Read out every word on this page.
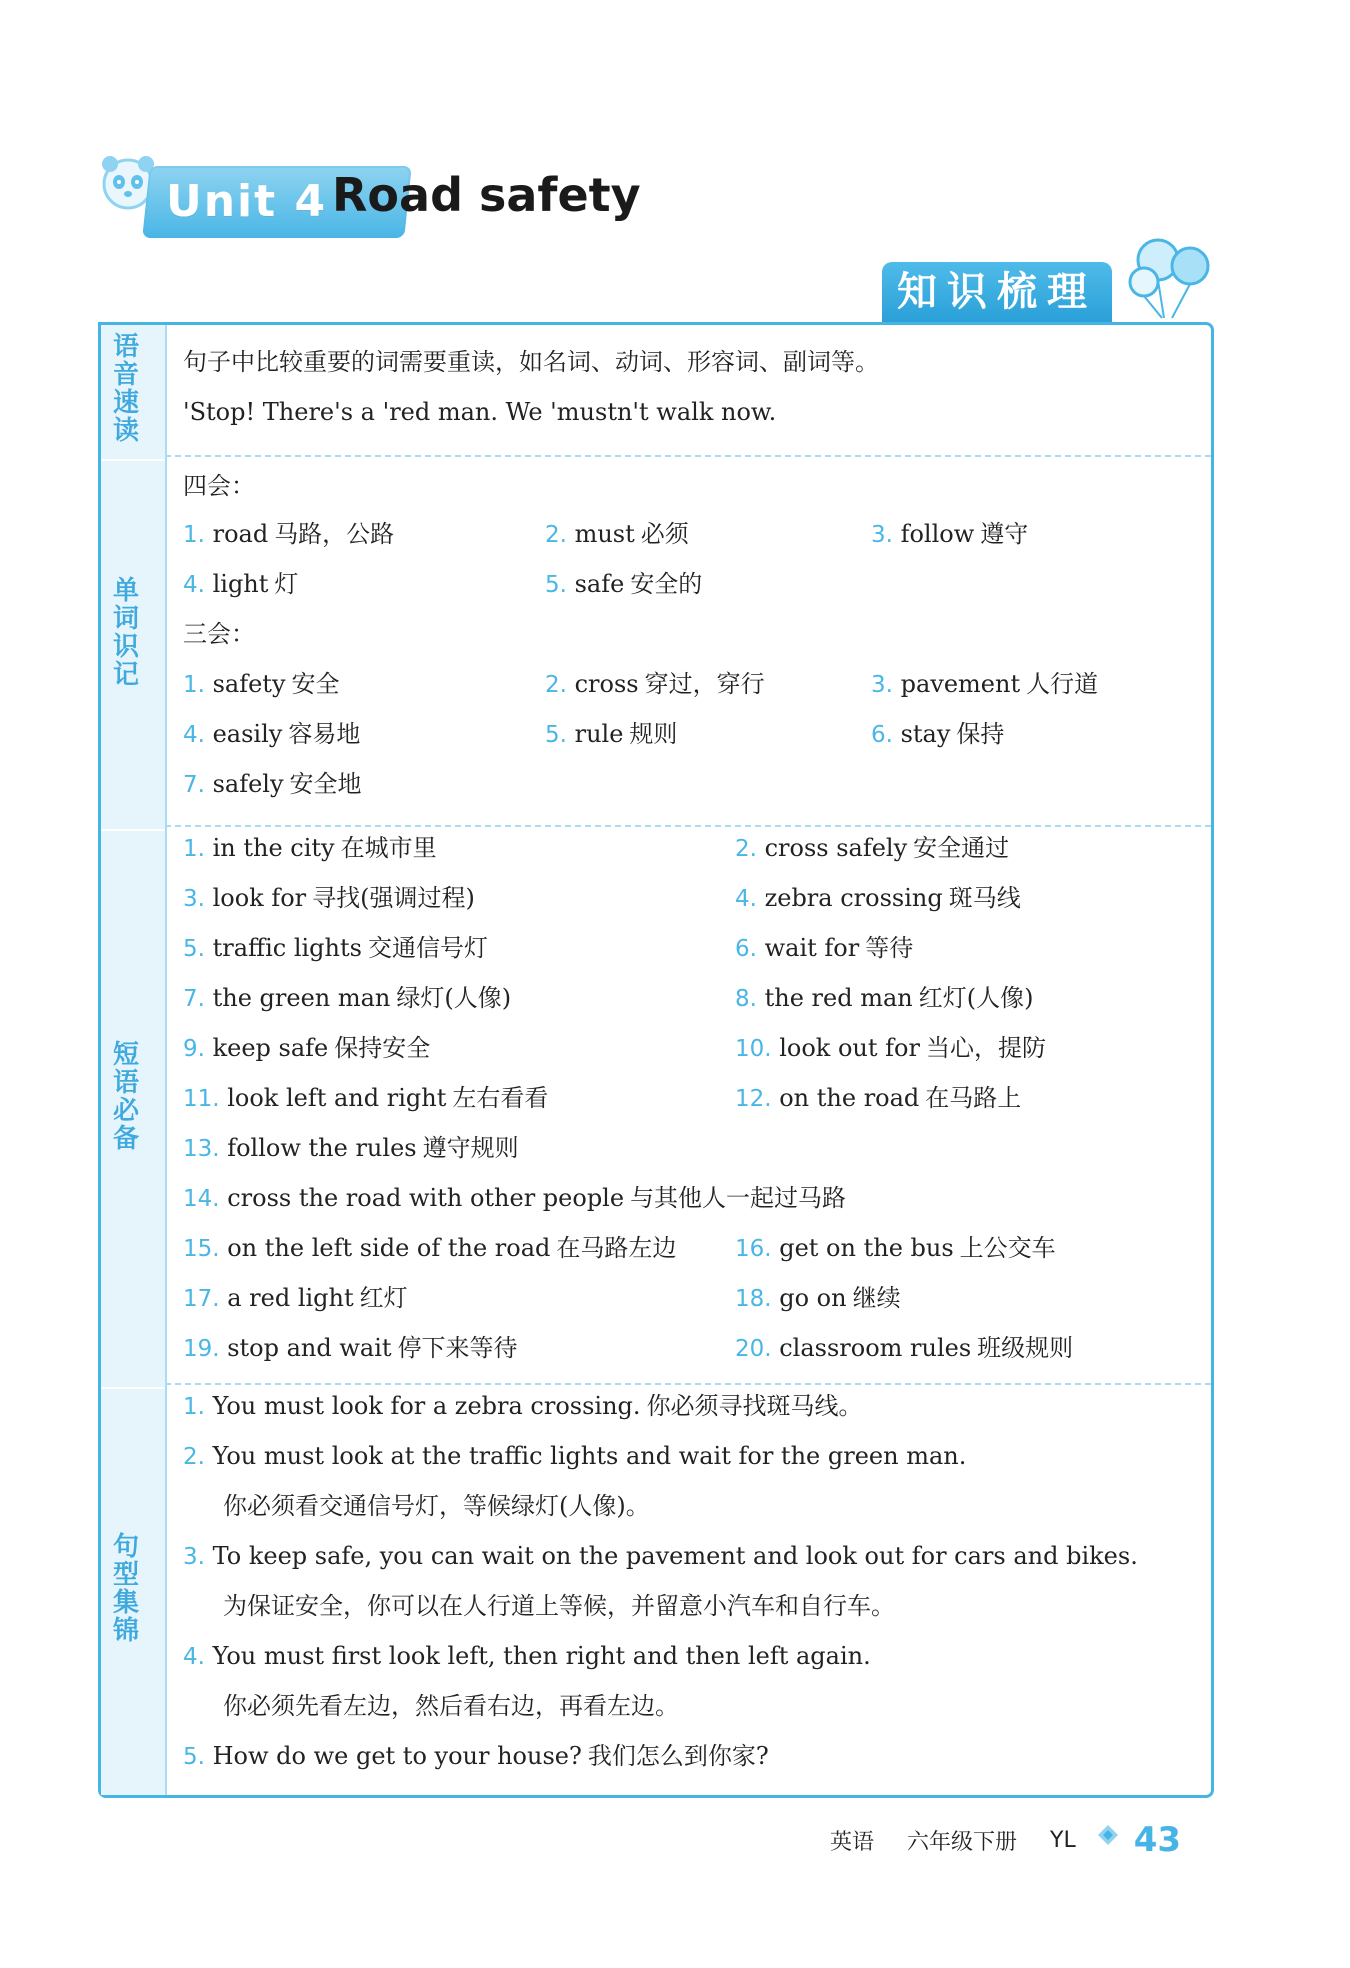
Unit 4 Road safety
知识梳理
语音速读
单词识记
短语必备
句型集锦
句子中比较重要的词需要重读，如名词、动词、形容词、副词等。
'Stop! There's a 'red man. We 'mustn't walk now.
四会：
1. road 马路，公路	2. must 必须	3. follow 遵守
4. light 灯	5. safe 安全的
三会：
1. safety 安全	2. cross 穿过，穿行	3. pavement 人行道
4. easily 容易地	5. rule 规则	6. stay 保持
7. safely 安全地
1. in the city 在城市里	2. cross safely 安全通过
3. look for 寻找(强调过程)	4. zebra crossing 斑马线
5. traffic lights 交通信号灯	6. wait for 等待
7. the green man 绿灯(人像)	8. the red man 红灯(人像)
9. keep safe 保持安全	10. look out for 当心，提防
11. look left and right 左右看看	12. on the road 在马路上
13. follow the rules 遵守规则
14. cross the road with other people 与其他人一起过马路
15. on the left side of the road 在马路左边	16. get on the bus 上公交车
17. a red light 红灯	18. go on 继续
19. stop and wait 停下来等待	20. classroom rules 班级规则
1. You must look for a zebra crossing. 你必须寻找斑马线。
2. You must look at the traffic lights and wait for the green man.
你必须看交通信号灯，等候绿灯(人像)。
3. To keep safe, you can wait on the pavement and look out for cars and bikes.
为保证安全，你可以在人行道上等候，并留意小汽车和自行车。
4. You must first look left, then right and then left again.
你必须先看左边，然后看右边，再看左边。
5. How do we get to your house? 我们怎么到你家?
英语 六年级下册 YL 43
